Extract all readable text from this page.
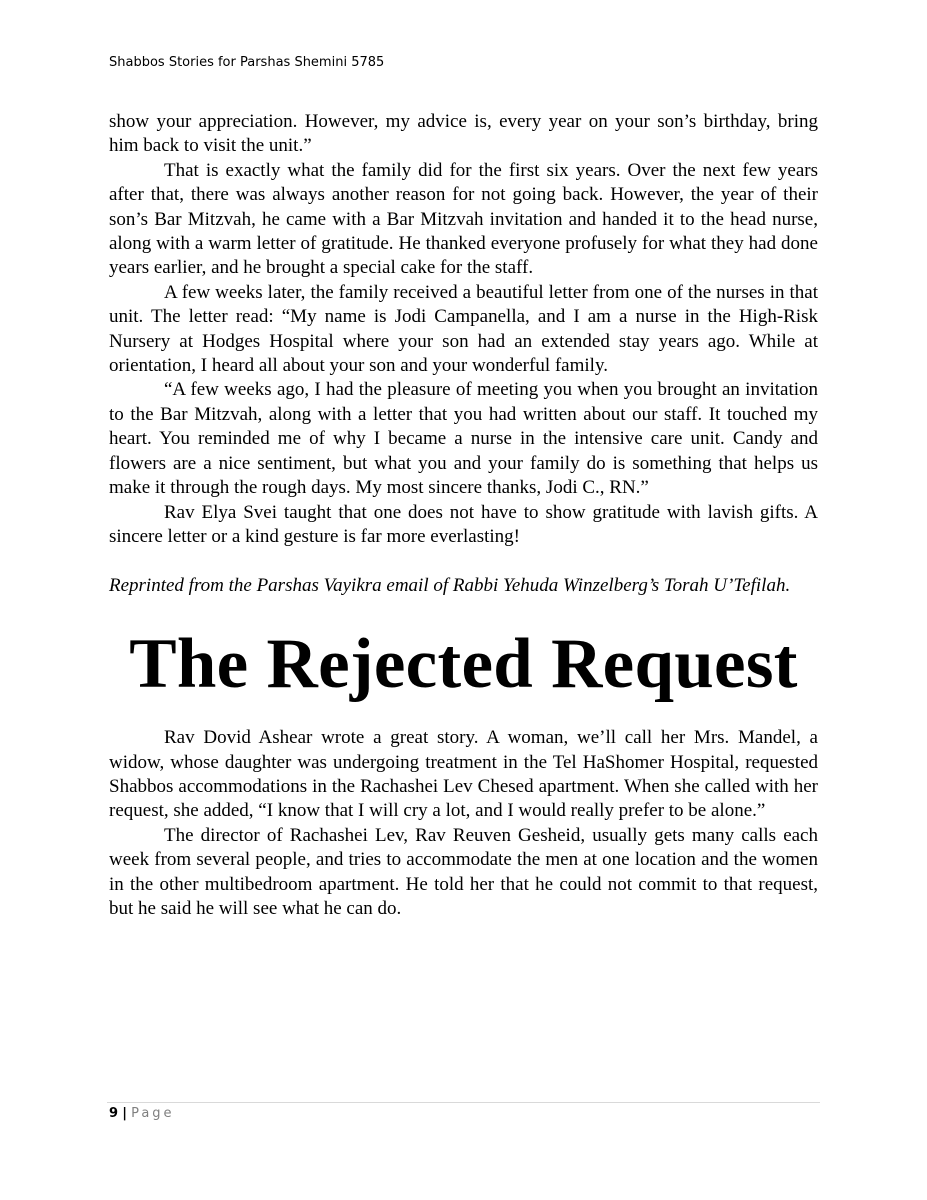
Shabbos Stories for Parshas Shemini 5785

show your appreciation. However, my advice is, every year on your son’s birthday, bring him back to visit the unit.”

That is exactly what the family did for the first six years. Over the next few years after that, there was always another reason for not going back. However, the year of their son’s Bar Mitzvah, he came with a Bar Mitzvah invitation and handed it to the head nurse, along with a warm letter of gratitude. He thanked everyone profusely for what they had done years earlier, and he brought a special cake for the staff.

A few weeks later, the family received a beautiful letter from one of the nurses in that unit. The letter read: “My name is Jodi Campanella, and I am a nurse in the High-Risk Nursery at Hodges Hospital where your son had an extended stay years ago. While at orientation, I heard all about your son and your wonderful family.

“A few weeks ago, I had the pleasure of meeting you when you brought an invitation to the Bar Mitzvah, along with a letter that you had written about our staff. It touched my heart. You reminded me of why I became a nurse in the intensive care unit. Candy and flowers are a nice sentiment, but what you and your family do is something that helps us make it through the rough days. My most sincere thanks, Jodi C., RN.”

Rav Elya Svei taught that one does not have to show gratitude with lavish gifts. A sincere letter or a kind gesture is far more everlasting!

Reprinted from the Parshas Vayikra email of Rabbi Yehuda Winzelberg’s Torah U’Tefilah.

The Rejected Request

Rav Dovid Ashear wrote a great story. A woman, we’ll call her Mrs. Mandel, a widow, whose daughter was undergoing treatment in the Tel HaShomer Hospital, requested Shabbos accommodations in the Rachashei Lev Chesed apartment. When she called with her request, she added, “I know that I will cry a lot, and I would really prefer to be alone.”

The director of Rachashei Lev, Rav Reuven Gesheid, usually gets many calls each week from several people, and tries to accommodate the men at one location and the women in the other multibedroom apartment. He told her that he could not commit to that request, but he said he will see what he can do.

9 | Page
